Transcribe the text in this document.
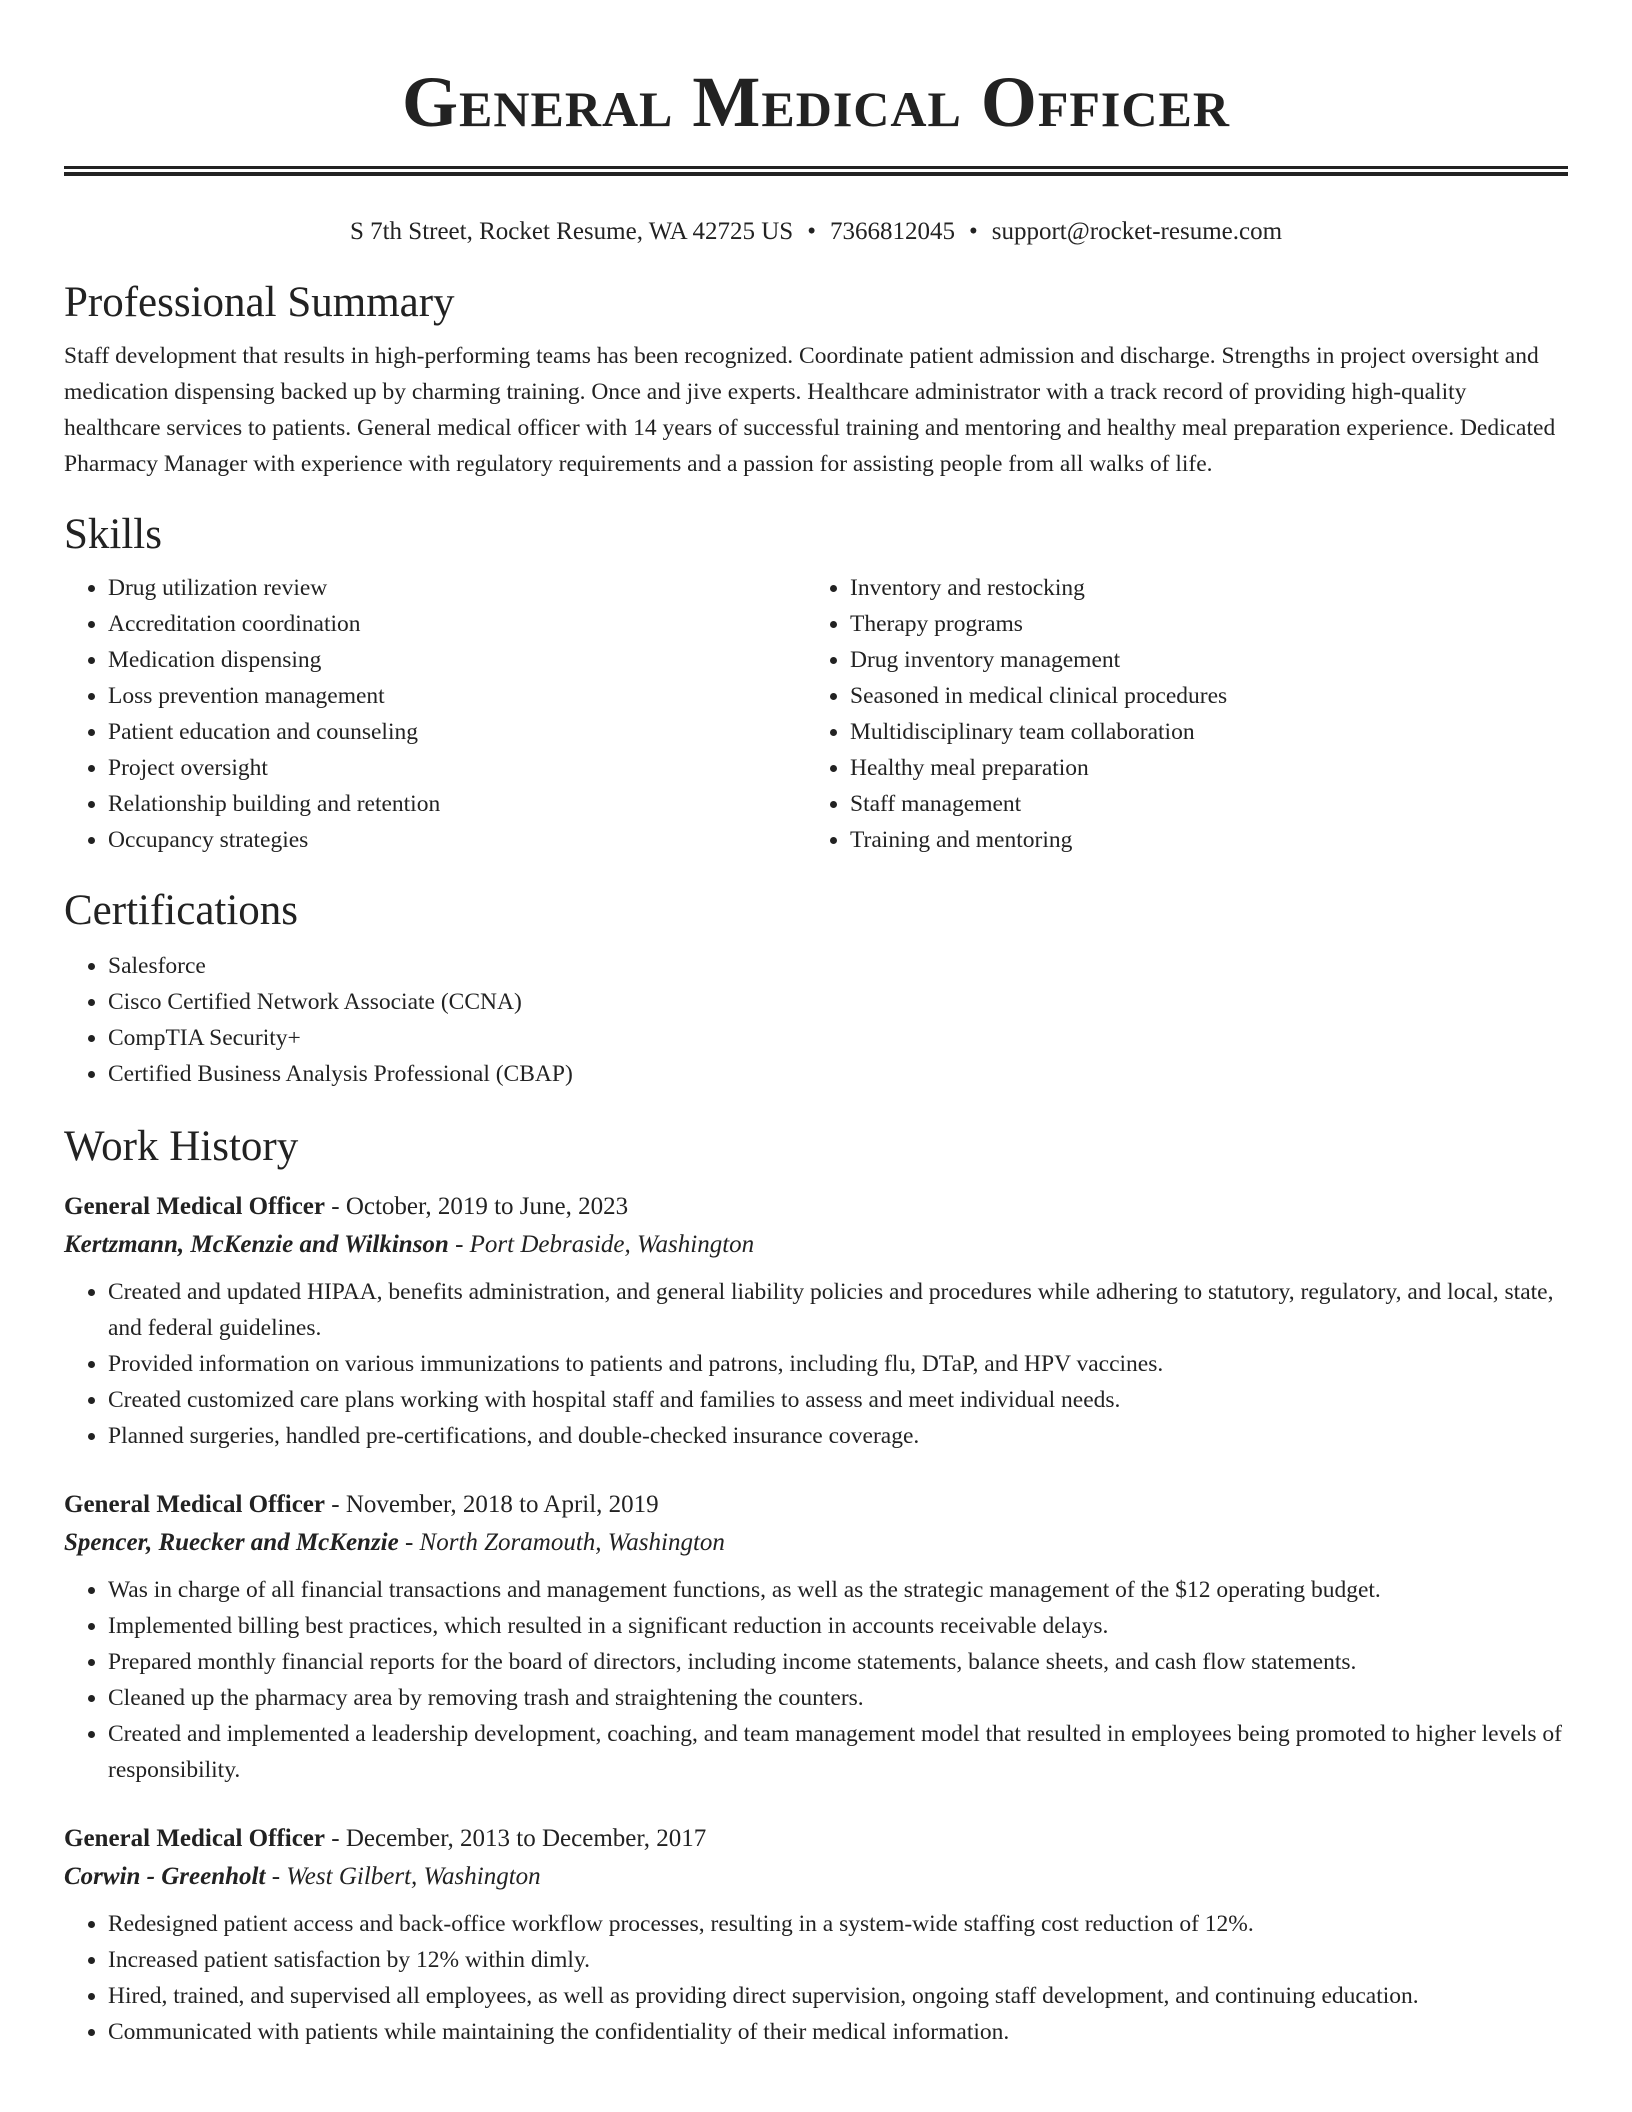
General Medical Officer
S 7th Street, Rocket Resume, WA 42725 US • 7366812045 • support@rocket-resume.com
Professional Summary

Staff development that results in high-performing teams has been recognized. Coordinate patient admission and discharge. Strengths in project oversight and medication dispensing backed up by charming training. Once and jive experts. Healthcare administrator with a track record of providing high-quality healthcare services to patients. General medical officer with 14 years of successful training and mentoring and healthy meal preparation experience. Dedicated Pharmacy Manager with experience with regulatory requirements and a passion for assisting people from all walks of life.

Skills
• Drug utilization review
• Accreditation coordination
• Medication dispensing
• Loss prevention management
• Patient education and counseling
• Project oversight
• Relationship building and retention
• Occupancy strategies
• Inventory and restocking
• Therapy programs
• Drug inventory management
• Seasoned in medical clinical procedures
• Multidisciplinary team collaboration
• Healthy meal preparation
• Staff management
• Training and mentoring
Certifications
• Salesforce
• Cisco Certified Network Associate (CCNA)
• CompTIA Security+
• Certified Business Analysis Professional (CBAP)
Work History
General Medical Officer - October, 2019 to June, 2023
Kertzmann, McKenzie and Wilkinson - Port Debraside, Washington
• Created and updated HIPAA, benefits administration, and general liability policies and procedures while adhering to statutory, regulatory, and local, state, and federal guidelines.
• Provided information on various immunizations to patients and patrons, including flu, DTaP, and HPV vaccines.
• Created customized care plans working with hospital staff and families to assess and meet individual needs.
• Planned surgeries, handled pre-certifications, and double-checked insurance coverage.
General Medical Officer - November, 2018 to April, 2019
Spencer, Ruecker and McKenzie - North Zoramouth, Washington
• Was in charge of all financial transactions and management functions, as well as the strategic management of the $12 operating budget.
• Implemented billing best practices, which resulted in a significant reduction in accounts receivable delays.
• Prepared monthly financial reports for the board of directors, including income statements, balance sheets, and cash flow statements.
• Cleaned up the pharmacy area by removing trash and straightening the counters.
• Created and implemented a leadership development, coaching, and team management model that resulted in employees being promoted to higher levels of responsibility.
General Medical Officer - December, 2013 to December, 2017
Corwin - Greenholt - West Gilbert, Washington
• Redesigned patient access and back-office workflow processes, resulting in a system-wide staffing cost reduction of 12%.
• Increased patient satisfaction by 12% within dimly.
• Hired, trained, and supervised all employees, as well as providing direct supervision, ongoing staff development, and continuing education.
• Communicated with patients while maintaining the confidentiality of their medical information.
